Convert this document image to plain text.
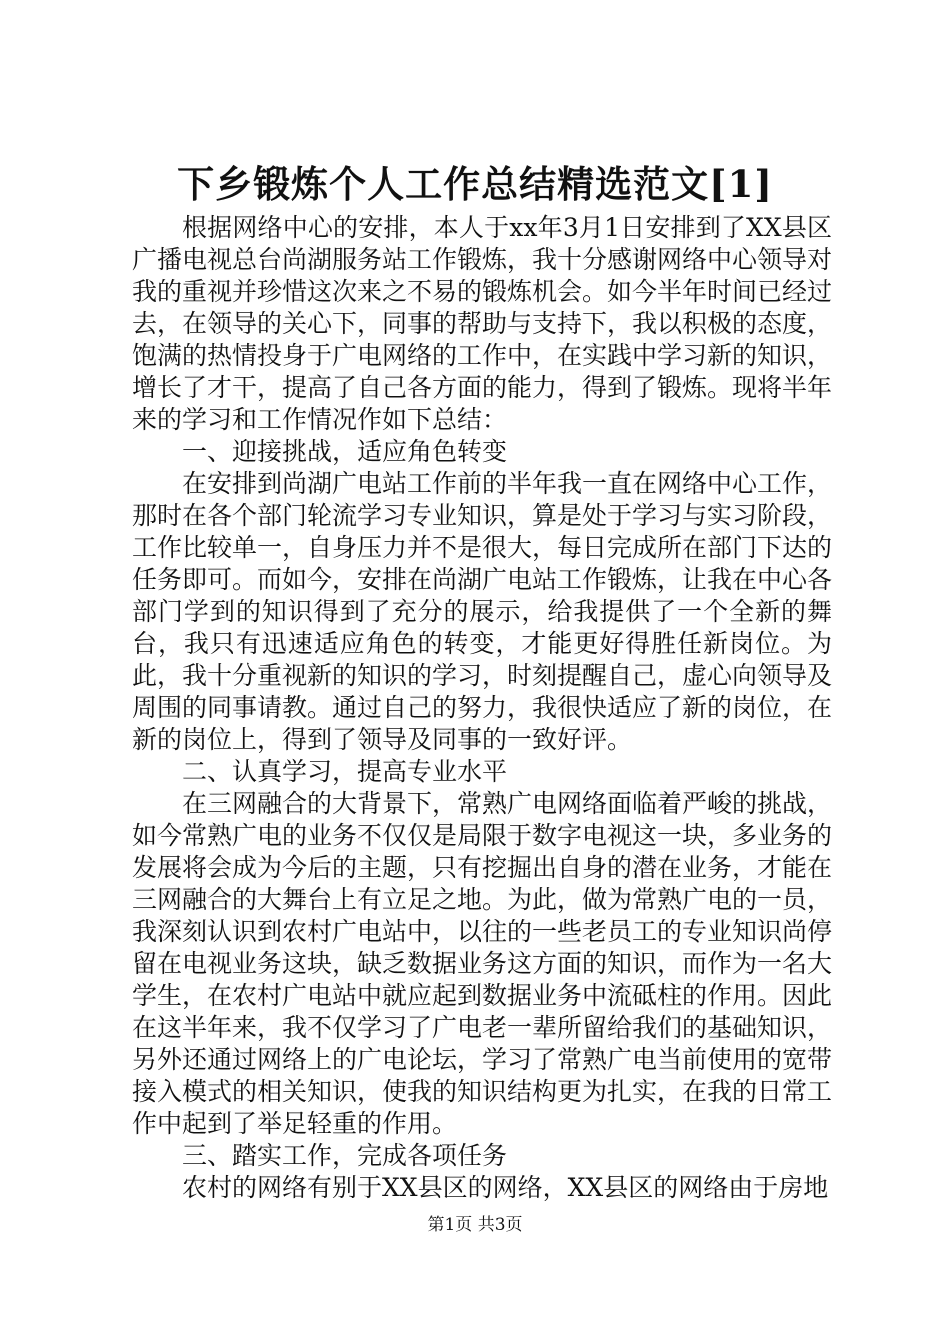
下乡锻炼个人工作总结精选范文[1]

根据网络中心的安排，本人于xx年3月1日安排到了XX县区广播电视总台尚湖服务站工作锻炼，我十分感谢网络中心领导对我的重视并珍惜这次来之不易的锻炼机会。如今半年时间已经过去，在领导的关心下，同事的帮助与支持下，我以积极的态度，饱满的热情投身于广电网络的工作中，在实践中学习新的知识，增长了才干，提高了自己各方面的能力，得到了锻炼。现将半年来的学习和工作情况作如下总结：

一、迎接挑战，适应角色转变

在安排到尚湖广电站工作前的半年我一直在网络中心工作，那时在各个部门轮流学习专业知识，算是处于学习与实习阶段，工作比较单一，自身压力并不是很大，每日完成所在部门下达的任务即可。而如今，安排在尚湖广电站工作锻炼，让我在中心各部门学到的知识得到了充分的展示，给我提供了一个全新的舞台，我只有迅速适应角色的转变，才能更好得胜任新岗位。为此，我十分重视新的知识的学习，时刻提醒自己，虚心向领导及周围的同事请教。通过自己的努力，我很快适应了新的岗位，在新的岗位上，得到了领导及同事的一致好评。

二、认真学习，提高专业水平

在三网融合的大背景下，常熟广电网络面临着严峻的挑战，如今常熟广电的业务不仅仅是局限于数字电视这一块，多业务的发展将会成为今后的主题，只有挖掘出自身的潜在业务，才能在三网融合的大舞台上有立足之地。为此，做为常熟广电的一员，我深刻认识到农村广电站中，以往的一些老员工的专业知识尚停留在电视业务这块，缺乏数据业务这方面的知识，而作为一名大学生，在农村广电站中就应起到数据业务中流砥柱的作用。因此在这半年来，我不仅学习了广电老一辈所留给我们的基础知识，另外还通过网络上的广电论坛，学习了常熟广电当前使用的宽带接入模式的相关知识，使我的知识结构更为扎实，在我的日常工作中起到了举足轻重的作用。

三、踏实工作，完成各项任务

农村的网络有别于XX县区的网络，XX县区的网络由于房地

第1页 共3页
